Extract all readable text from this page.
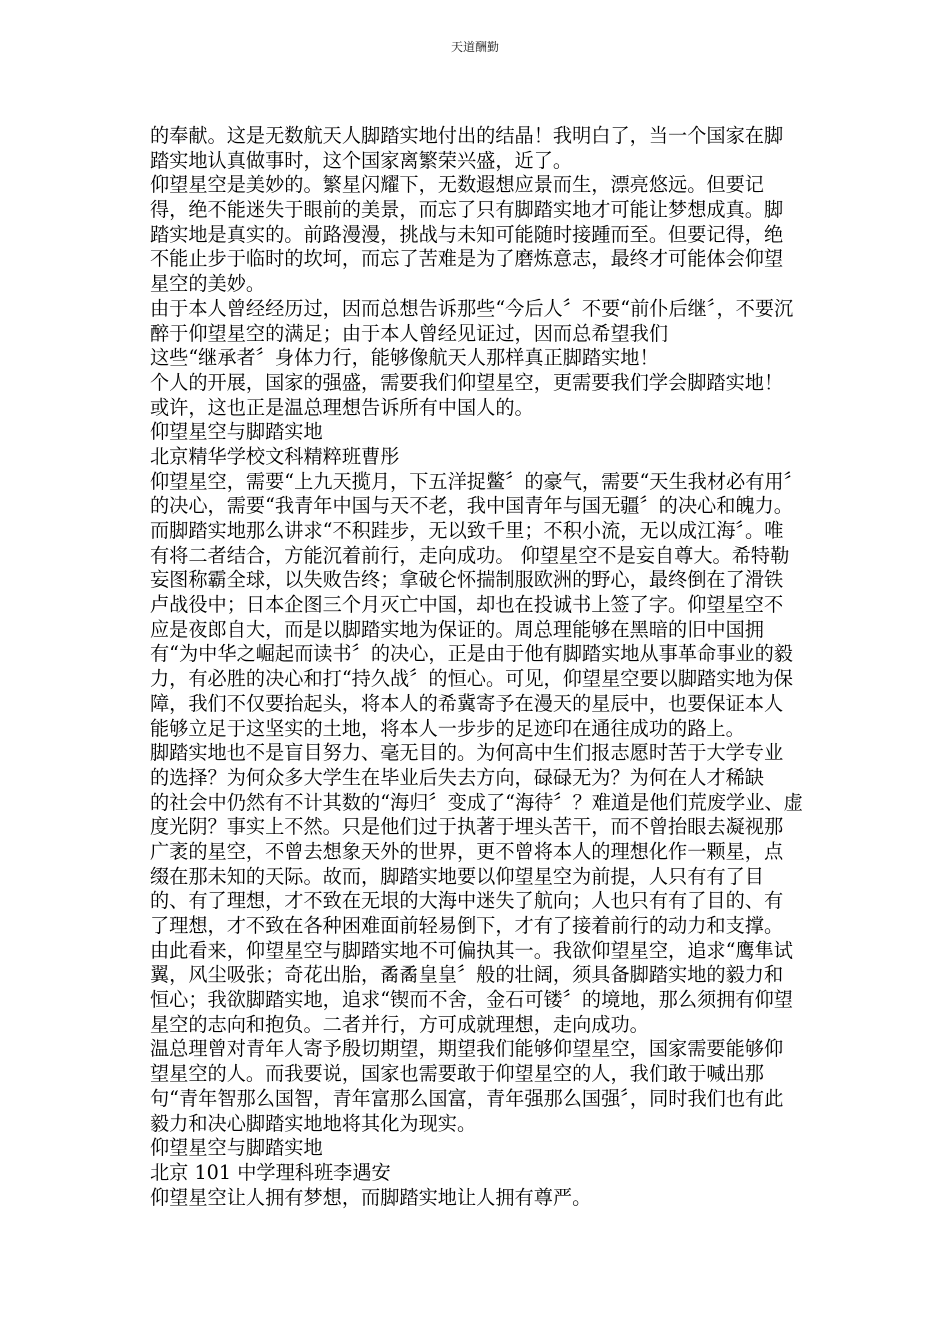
天道酬勤
的奉献。这是无数航天人脚踏实地付出的结晶！我明白了，当一个国家在脚
踏实地认真做事时，这个国家离繁荣兴盛，近了。
仰望星空是美妙的。繁星闪耀下，无数遐想应景而生，漂亮悠远。但要记
得，绝不能迷失于眼前的美景，而忘了只有脚踏实地才可能让梦想成真。脚
踏实地是真实的。前路漫漫，挑战与未知可能随时接踵而至。但要记得，绝
不能止步于临时的坎坷，而忘了苦难是为了磨炼意志，最终才可能体会仰望
星空的美妙。
由于本人曾经经历过，因而总想告诉那些“今后人〞不要“前仆后继〞，不要沉
醉于仰望星空的满足；由于本人曾经见证过，因而总希望我们
这些“继承者〞身体力行，能够像航天人那样真正脚踏实地！
个人的开展，国家的强盛，需要我们仰望星空，更需要我们学会脚踏实地！
或许，这也正是温总理想告诉所有中国人的。
仰望星空与脚踏实地
北京精华学校文科精粹班曹彤
仰望星空，需要“上九天揽月，下五洋捉鳖〞的豪气，需要“天生我材必有用〞
的决心，需要“我青年中国与天不老，我中国青年与国无疆〞的决心和魄力。
而脚踏实地那么讲求“不积跬步，无以致千里；不积小流，无以成江海〞。唯
有将二者结合，方能沉着前行，走向成功。 仰望星空不是妄自尊大。希特勒
妄图称霸全球，以失败告终；拿破仑怀揣制服欧洲的野心，最终倒在了滑铁
卢战役中；日本企图三个月灭亡中国，却也在投诚书上签了字。仰望星空不
应是夜郎自大，而是以脚踏实地为保证的。周总理能够在黑暗的旧中国拥
有“为中华之崛起而读书〞的决心，正是由于他有脚踏实地从事革命事业的毅
力，有必胜的决心和打“持久战〞的恒心。可见，仰望星空要以脚踏实地为保
障，我们不仅要抬起头，将本人的希冀寄予在漫天的星辰中，也要保证本人
能够立足于这坚实的土地，将本人一步步的足迹印在通往成功的路上。
脚踏实地也不是盲目努力、毫无目的。为何高中生们报志愿时苦于大学专业
的选择？为何众多大学生在毕业后失去方向，碌碌无为？为何在人才稀缺
的社会中仍然有不计其数的“海归〞变成了“海待〞？难道是他们荒废学业、虚
度光阴？事实上不然。只是他们过于执著于埋头苦干，而不曾抬眼去凝视那
广袤的星空，不曾去想象天外的世界，更不曾将本人的理想化作一颗星，点
缀在那未知的天际。故而，脚踏实地要以仰望星空为前提，人只有有了目
的、有了理想，才不致在无垠的大海中迷失了航向；人也只有有了目的、有
了理想，才不致在各种困难面前轻易倒下，才有了接着前行的动力和支撑。
由此看来，仰望星空与脚踏实地不可偏执其一。我欲仰望星空，追求“鹰隼试
翼，风尘吸张；奇花出胎，矞矞皇皇〞般的壮阔，须具备脚踏实地的毅力和
恒心；我欲脚踏实地，追求“锲而不舍，金石可镂〞的境地，那么须拥有仰望
星空的志向和抱负。二者并行，方可成就理想，走向成功。
温总理曾对青年人寄予殷切期望，期望我们能够仰望星空，国家需要能够仰
望星空的人。而我要说，国家也需要敢于仰望星空的人，我们敢于喊出那
句“青年智那么国智，青年富那么国富，青年强那么国强〞，同时我们也有此
毅力和决心脚踏实地地将其化为现实。
仰望星空与脚踏实地
北京 101 中学理科班李遇安
仰望星空让人拥有梦想，而脚踏实地让人拥有尊严。
